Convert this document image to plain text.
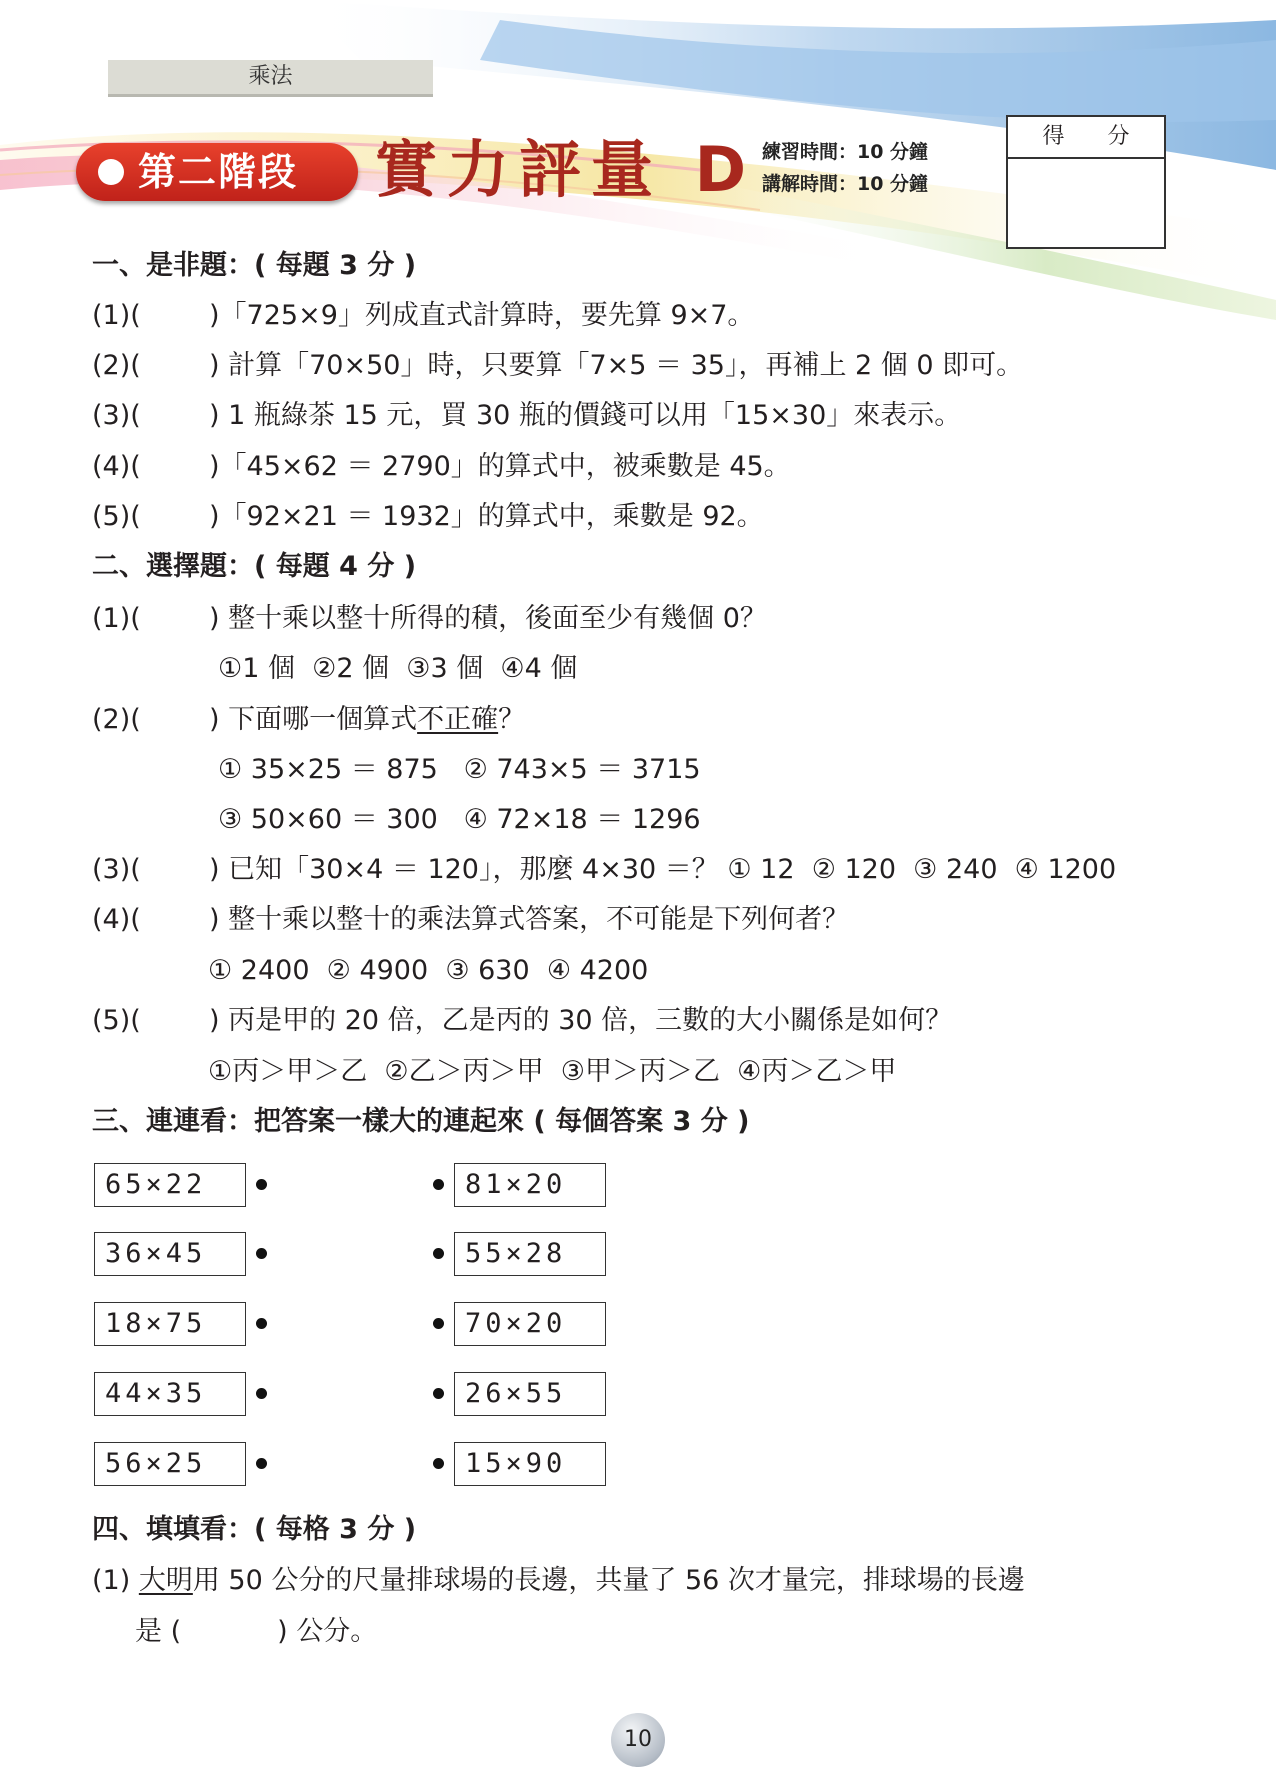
乘法
第二階段 實力評量 D 練習時間：10 分鐘
講解時間：10 分鐘
得 分
一、是非題：( 每題 3 分 )
(1)(	)「725×9」列成直式計算時，要先算 9×7。
(2)(	) 計算「70×50」時，只要算「7×5 ＝ 35」，再補上 2 個 0 即可。
(3)(	) 1 瓶綠茶 15 元，買 30 瓶的價錢可以用「15×30」來表示。
(4)(	)「45×62 ＝ 2790」的算式中，被乘數是 45。
(5)(	)「92×21 ＝ 1932」的算式中，乘數是 92。
二、選擇題：( 每題 4 分 )
(1)(	) 整十乘以整十所得的積，後面至少有幾個 0？
①1 個  ②2 個  ③3 個  ④4 個
(2)(	) 下面哪一個算式不正確？
① 35×25 ＝ 875   ② 743×5 ＝ 3715
③ 50×60 ＝ 300   ④ 72×18 ＝ 1296
(3)(	) 已知「30×4 ＝ 120」，那麼 4×30 ＝？ ① 12  ② 120  ③ 240  ④ 1200
(4)(	) 整十乘以整十的乘法算式答案，不可能是下列何者？
① 2400  ② 4900  ③ 630  ④ 4200
(5)(	) 丙是甲的 20 倍，乙是丙的 30 倍，三數的大小關係是如何？
①丙＞甲＞乙  ②乙＞丙＞甲  ③甲＞丙＞乙  ④丙＞乙＞甲
三、連連看：把答案一樣大的連起來 ( 每個答案 3 分 )
65×22	81×20
36×45	55×28
18×75	70×20
44×35	26×55
56×25	15×90
四、填填看：( 每格 3 分 )
(1) 大明用 50 公分的尺量排球場的長邊，共量了 56 次才量完，排球場的長邊
是 (	) 公分。
10
